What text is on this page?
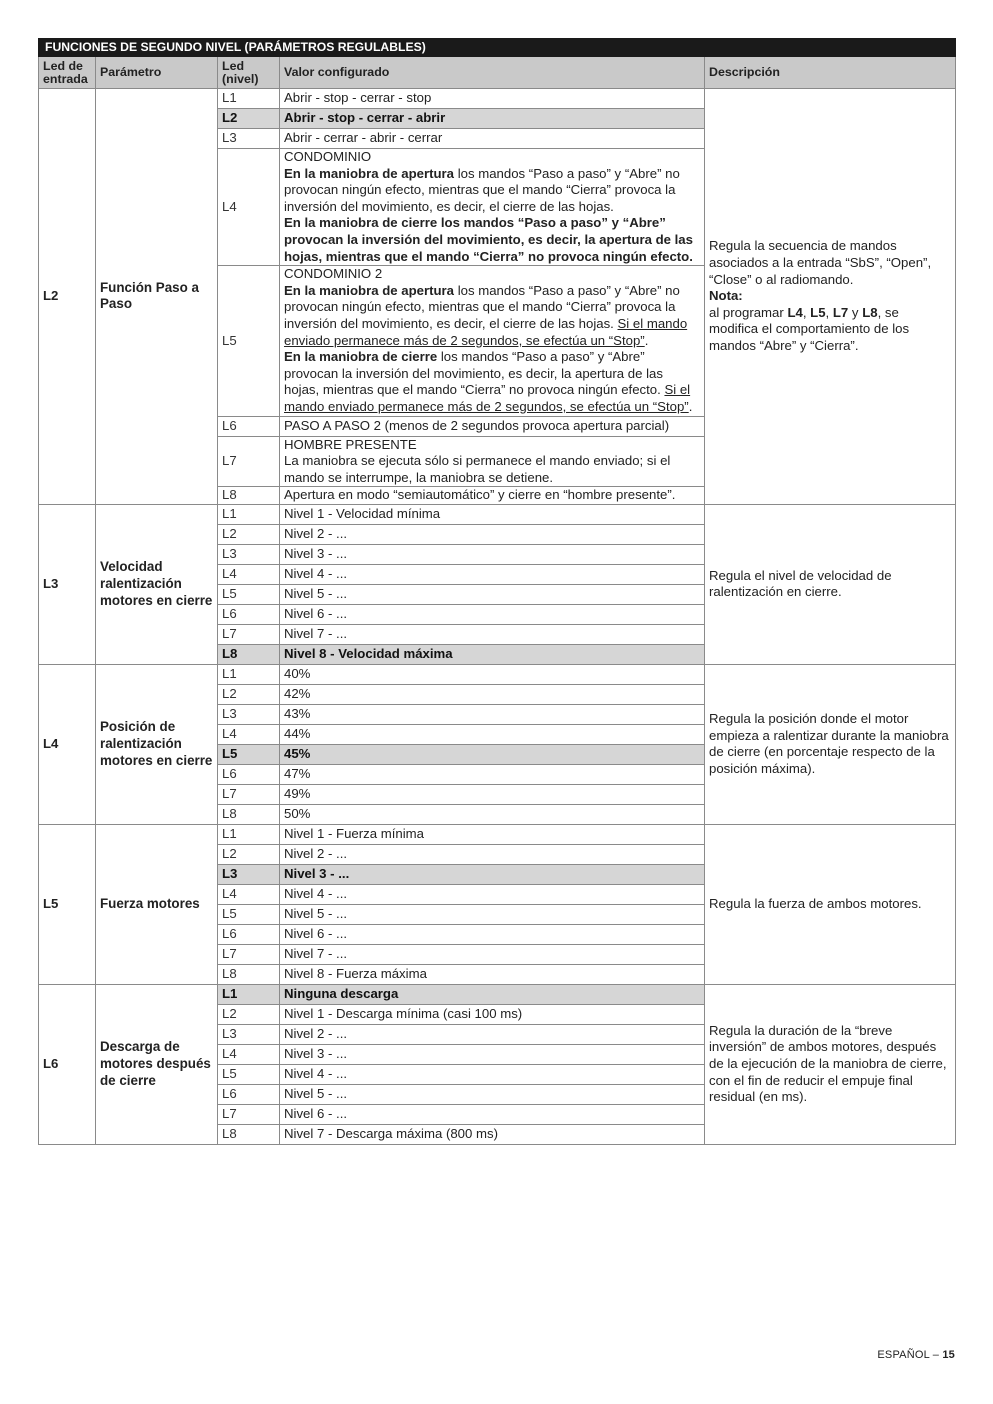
FUNCIONES DE SEGUNDO NIVEL (PARÁMETROS REGULABLES)				
Led de entrada	Parámetro	Led (nivel)	Valor configurado	Descripción
L2	Función Paso a Paso	L1	Abrir - stop - cerrar - stop	Regula la secuencia de mandos asociados a la entrada “SbS”, “Open”, “Close” o al radiomando.
Nota:
al programar L4, L5, L7 y L8, se modifica el comportamiento de los mandos “Abre” y “Cierra”.
		L2	Abrir - stop - cerrar - abrir	
		L3	Abrir - cerrar - abrir - cerrar	
		L4	CONDOMINIO
En la maniobra de apertura los mandos “Paso a paso” y “Abre” no provocan ningún efecto, mientras que el mando “Cierra” provoca la inversión del movimiento, es decir, el cierre de las hojas.
En la maniobra de cierre los mandos “Paso a paso” y “Abre” provocan la inversión del movimiento, es decir, la apertura de las hojas, mientras que el mando “Cierra” no provoca ningún efecto.	
		L5	CONDOMINIO 2
En la maniobra de apertura los mandos “Paso a paso” y “Abre” no provocan ningún efecto, mientras que el mando “Cierra” provoca la inversión del movimiento, es decir, el cierre de las hojas. Si el mando enviado permanece más de 2 segundos, se efectúa un “Stop”.
En la maniobra de cierre los mandos “Paso a paso” y “Abre” provocan la inversión del movimiento, es decir, la apertura de las hojas, mientras que el mando “Cierra” no provoca ningún efecto. Si el mando enviado permanece más de 2 segundos, se efectúa un “Stop”.	
		L6	PASO A PASO 2 (menos de 2 segundos provoca apertura parcial)	
		L7	HOMBRE PRESENTE
La maniobra se ejecuta sólo si permanece el mando enviado; si el mando se interrumpe, la maniobra se detiene.	
		L8	Apertura en modo “semiautomático” y cierre en “hombre presente”.	
L3	Velocidad ralentización motores en cierre	L1	Nivel 1 - Velocidad mínima	Regula el nivel de velocidad de ralentización en cierre.
		L2	Nivel 2 - ...	
		L3	Nivel 3 - ...	
		L4	Nivel 4 - ...	
		L5	Nivel 5 - ...	
		L6	Nivel 6 - ...	
		L7	Nivel 7 - ...	
		L8	Nivel 8 - Velocidad máxima	
L4	Posición de ralentización motores en cierre	L1	40%	Regula la posición donde el motor empieza a ralentizar durante la maniobra de cierre (en porcentaje respecto de la posición máxima).
		L2	42%	
		L3	43%	
		L4	44%	
		L5	45%	
		L6	47%	
		L7	49%	
		L8	50%	
L5	Fuerza motores	L1	Nivel 1 - Fuerza mínima	Regula la fuerza de ambos motores.
		L2	Nivel 2 - ...	
		L3	Nivel 3 - ...	
		L4	Nivel 4 - ...	
		L5	Nivel 5 - ...	
		L6	Nivel 6 - ...	
		L7	Nivel 7 - ...	
		L8	Nivel 8 - Fuerza máxima	
L6	Descarga de motores después de cierre	L1	Ninguna descarga	Regula la duración de la “breve inversión” de ambos motores, después de la ejecución de la maniobra de cierre, con el fin de reducir el empuje final residual (en ms).
		L2	Nivel 1 - Descarga mínima (casi 100 ms)	
		L3	Nivel 2 - ...	
		L4	Nivel 3 - ...	
		L5	Nivel 4 - ...	
		L6	Nivel 5 - ...	
		L7	Nivel 6 - ...	
		L8	Nivel 7 - Descarga máxima (800 ms)	
ESPAÑOL – 15
